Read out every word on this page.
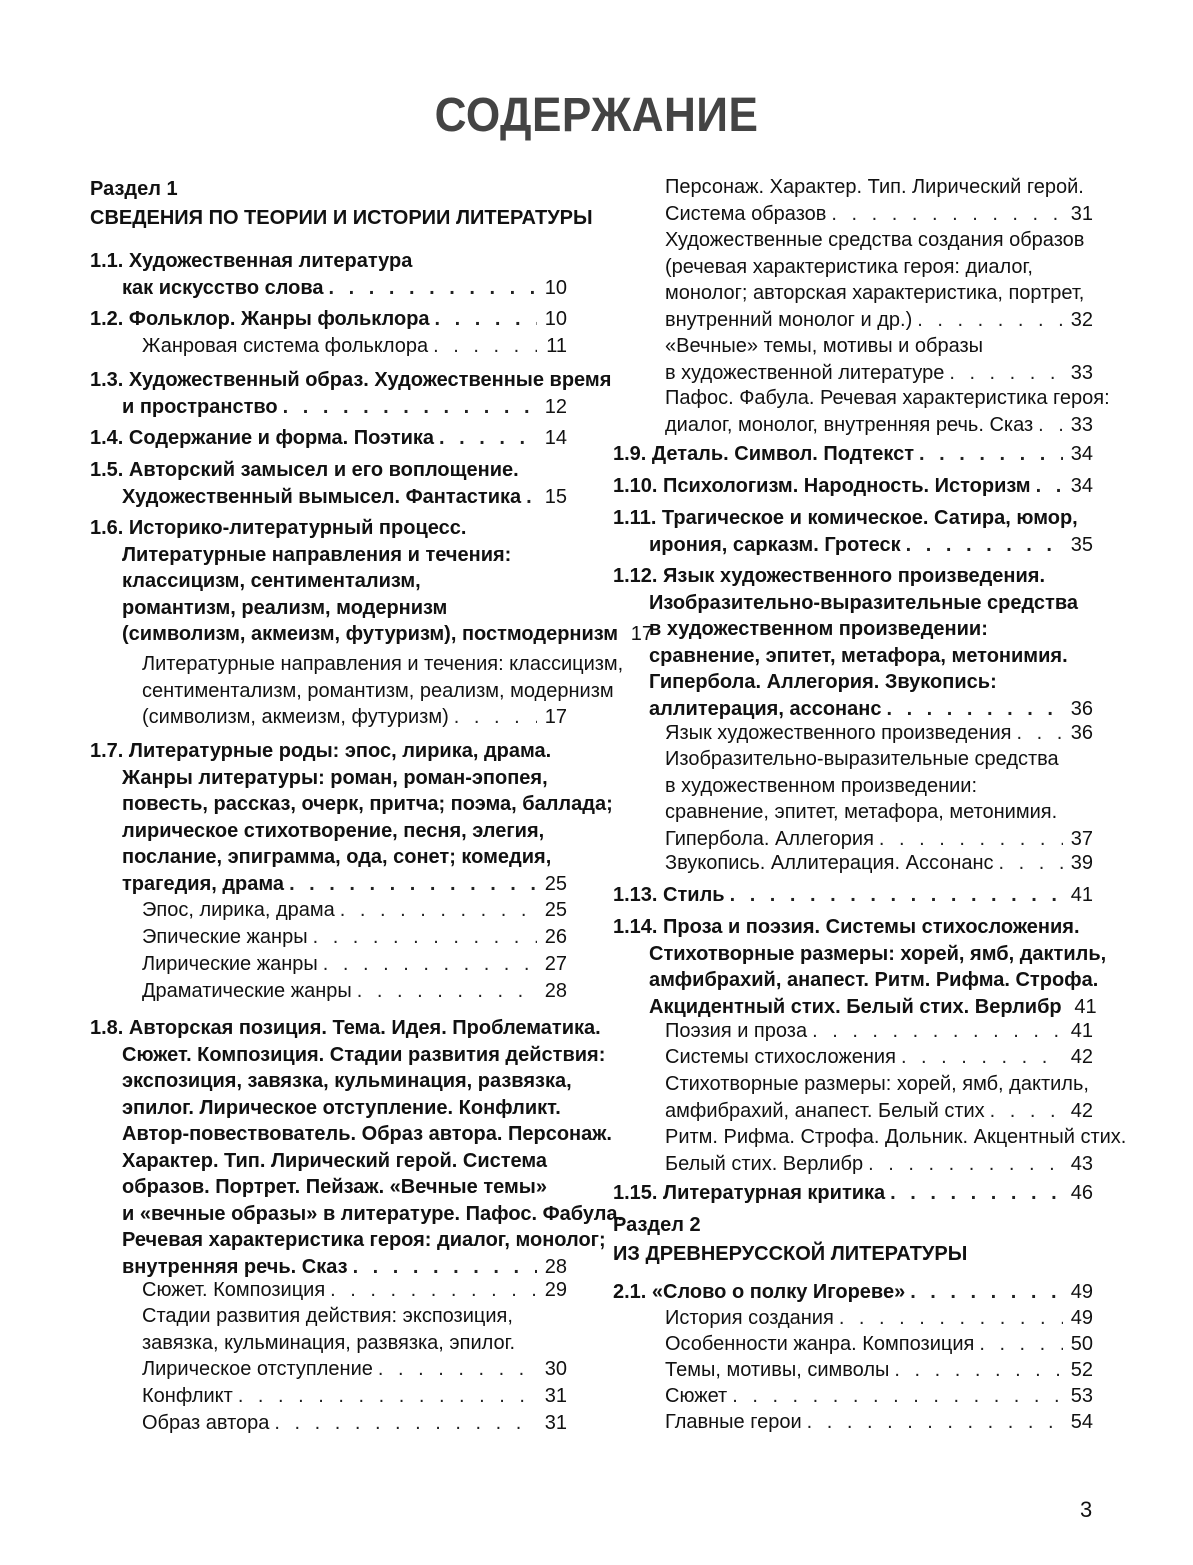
СОДЕРЖАНИЕ
Раздел 1
СВЕДЕНИЯ ПО ТЕОРИИ И ИСТОРИИ ЛИТЕРАТУРЫ
1.1. Художественная литература
как искусство слова . . .	10
1.2. Фольклор. Жанры фольклора . . .	10
Жанровая система фольклора . . .	11
1.3. Художественный образ. Художественные время
и пространство . . .	12
1.4. Содержание и форма. Поэтика . . .	14
1.5. Авторский замысел и его воплощение.
Художественный вымысел. Фантастика . . . 15
1.6. Историко-литературный процесс.
Литературные направления и течения:
классицизм, сентиментализм,
романтизм, реализм, модернизм
(символизм, акмеизм, футуризм), постмодернизм 17
Литературные направления и течения: классицизм,
сентиментализм, романтизм, реализм, модернизм
(символизм, акмеизм, футуризм) . . .	17
1.7. Литературные роды: эпос, лирика, драма.
Жанры литературы: роман, роман-эпопея,
повесть, рассказ, очерк, притча; поэма, баллада;
лирическое стихотворение, песня, элегия,
послание, эпиграмма, ода, сонет; комедия,
трагедия, драма . . .	25
Эпос, лирика, драма . . .	25
Эпические жанры . . .	26
Лирические жанры . . .	27
Драматические жанры . . .	28
1.8. Авторская позиция. Тема. Идея. Проблематика.
Сюжет. Композиция. Стадии развития действия:
экспозиция, завязка, кульминация, развязка,
эпилог. Лирическое отступление. Конфликт.
Автор-повествователь. Образ автора. Персонаж.
Характер. Тип. Лирический герой. Система
образов. Портрет. Пейзаж. «Вечные темы»
и «вечные образы» в литературе. Пафос. Фабула.
Речевая характеристика героя: диалог, монолог;
внутренняя речь. Сказ . . .	28
Сюжет. Композиция . . .	29
Стадии развития действия: экспозиция,
завязка, кульминация, развязка, эпилог.
Лирическое отступление . . .	30
Конфликт . . .	31
Образ автора . . .	31
Персонаж. Характер. Тип. Лирический герой.
Система образов . . .	31
Художественные средства создания образов
(речевая характеристика героя: диалог,
монолог; авторская характеристика, портрет,
внутренний монолог и др.) . . .	32
«Вечные» темы, мотивы и образы
в художественной литературе . . .	33
Пафос. Фабула. Речевая характеристика героя:
диалог, монолог, внутренняя речь. Сказ . . . 33
1.9. Деталь. Символ. Подтекст . . .	34
1.10. Психологизм. Народность. Историзм . . . 34
1.11. Трагическое и комическое. Сатира, юмор,
ирония, сарказм. Гротеск . . .	35
1.12. Язык художественного произведения.
Изобразительно-выразительные средства
в художественном произведении:
сравнение, эпитет, метафора, метонимия.
Гипербола. Аллегория. Звукопись:
аллитерация, ассонанс . . .	36
Язык художественного произведения . . .	36
Изобразительно-выразительные средства
в художественном произведении:
сравнение, эпитет, метафора, метонимия.
Гипербола. Аллегория . . .	37
Звукопись. Аллитерация. Ассонанс . . .	39
1.13. Стиль . . .	41
1.14. Проза и поэзия. Системы стихосложения.
Стихотворные размеры: хорей, ямб, дактиль,
амфибрахий, анапест. Ритм. Рифма. Строфа.
Акцидентный стих. Белый стих. Верлибр 41
Поэзия и проза . . .	41
Системы стихосложения . . .	42
Стихотворные размеры: хорей, ямб, дактиль,
амфибрахий, анапест. Белый стих . . .	42
Ритм. Рифма. Строфа. Дольник. Акцентный стих.
Белый стих. Верлибр . . .	43
1.15. Литературная критика . . .	46
Раздел 2
ИЗ ДРЕВНЕРУССКОЙ ЛИТЕРАТУРЫ
2.1. «Слово о полку Игореве» . . .	49
История создания . . .	49
Особенности жанра. Композиция . . .	50
Темы, мотивы, символы . . .	52
Сюжет . . .	53
Главные герои . . .	54
3
